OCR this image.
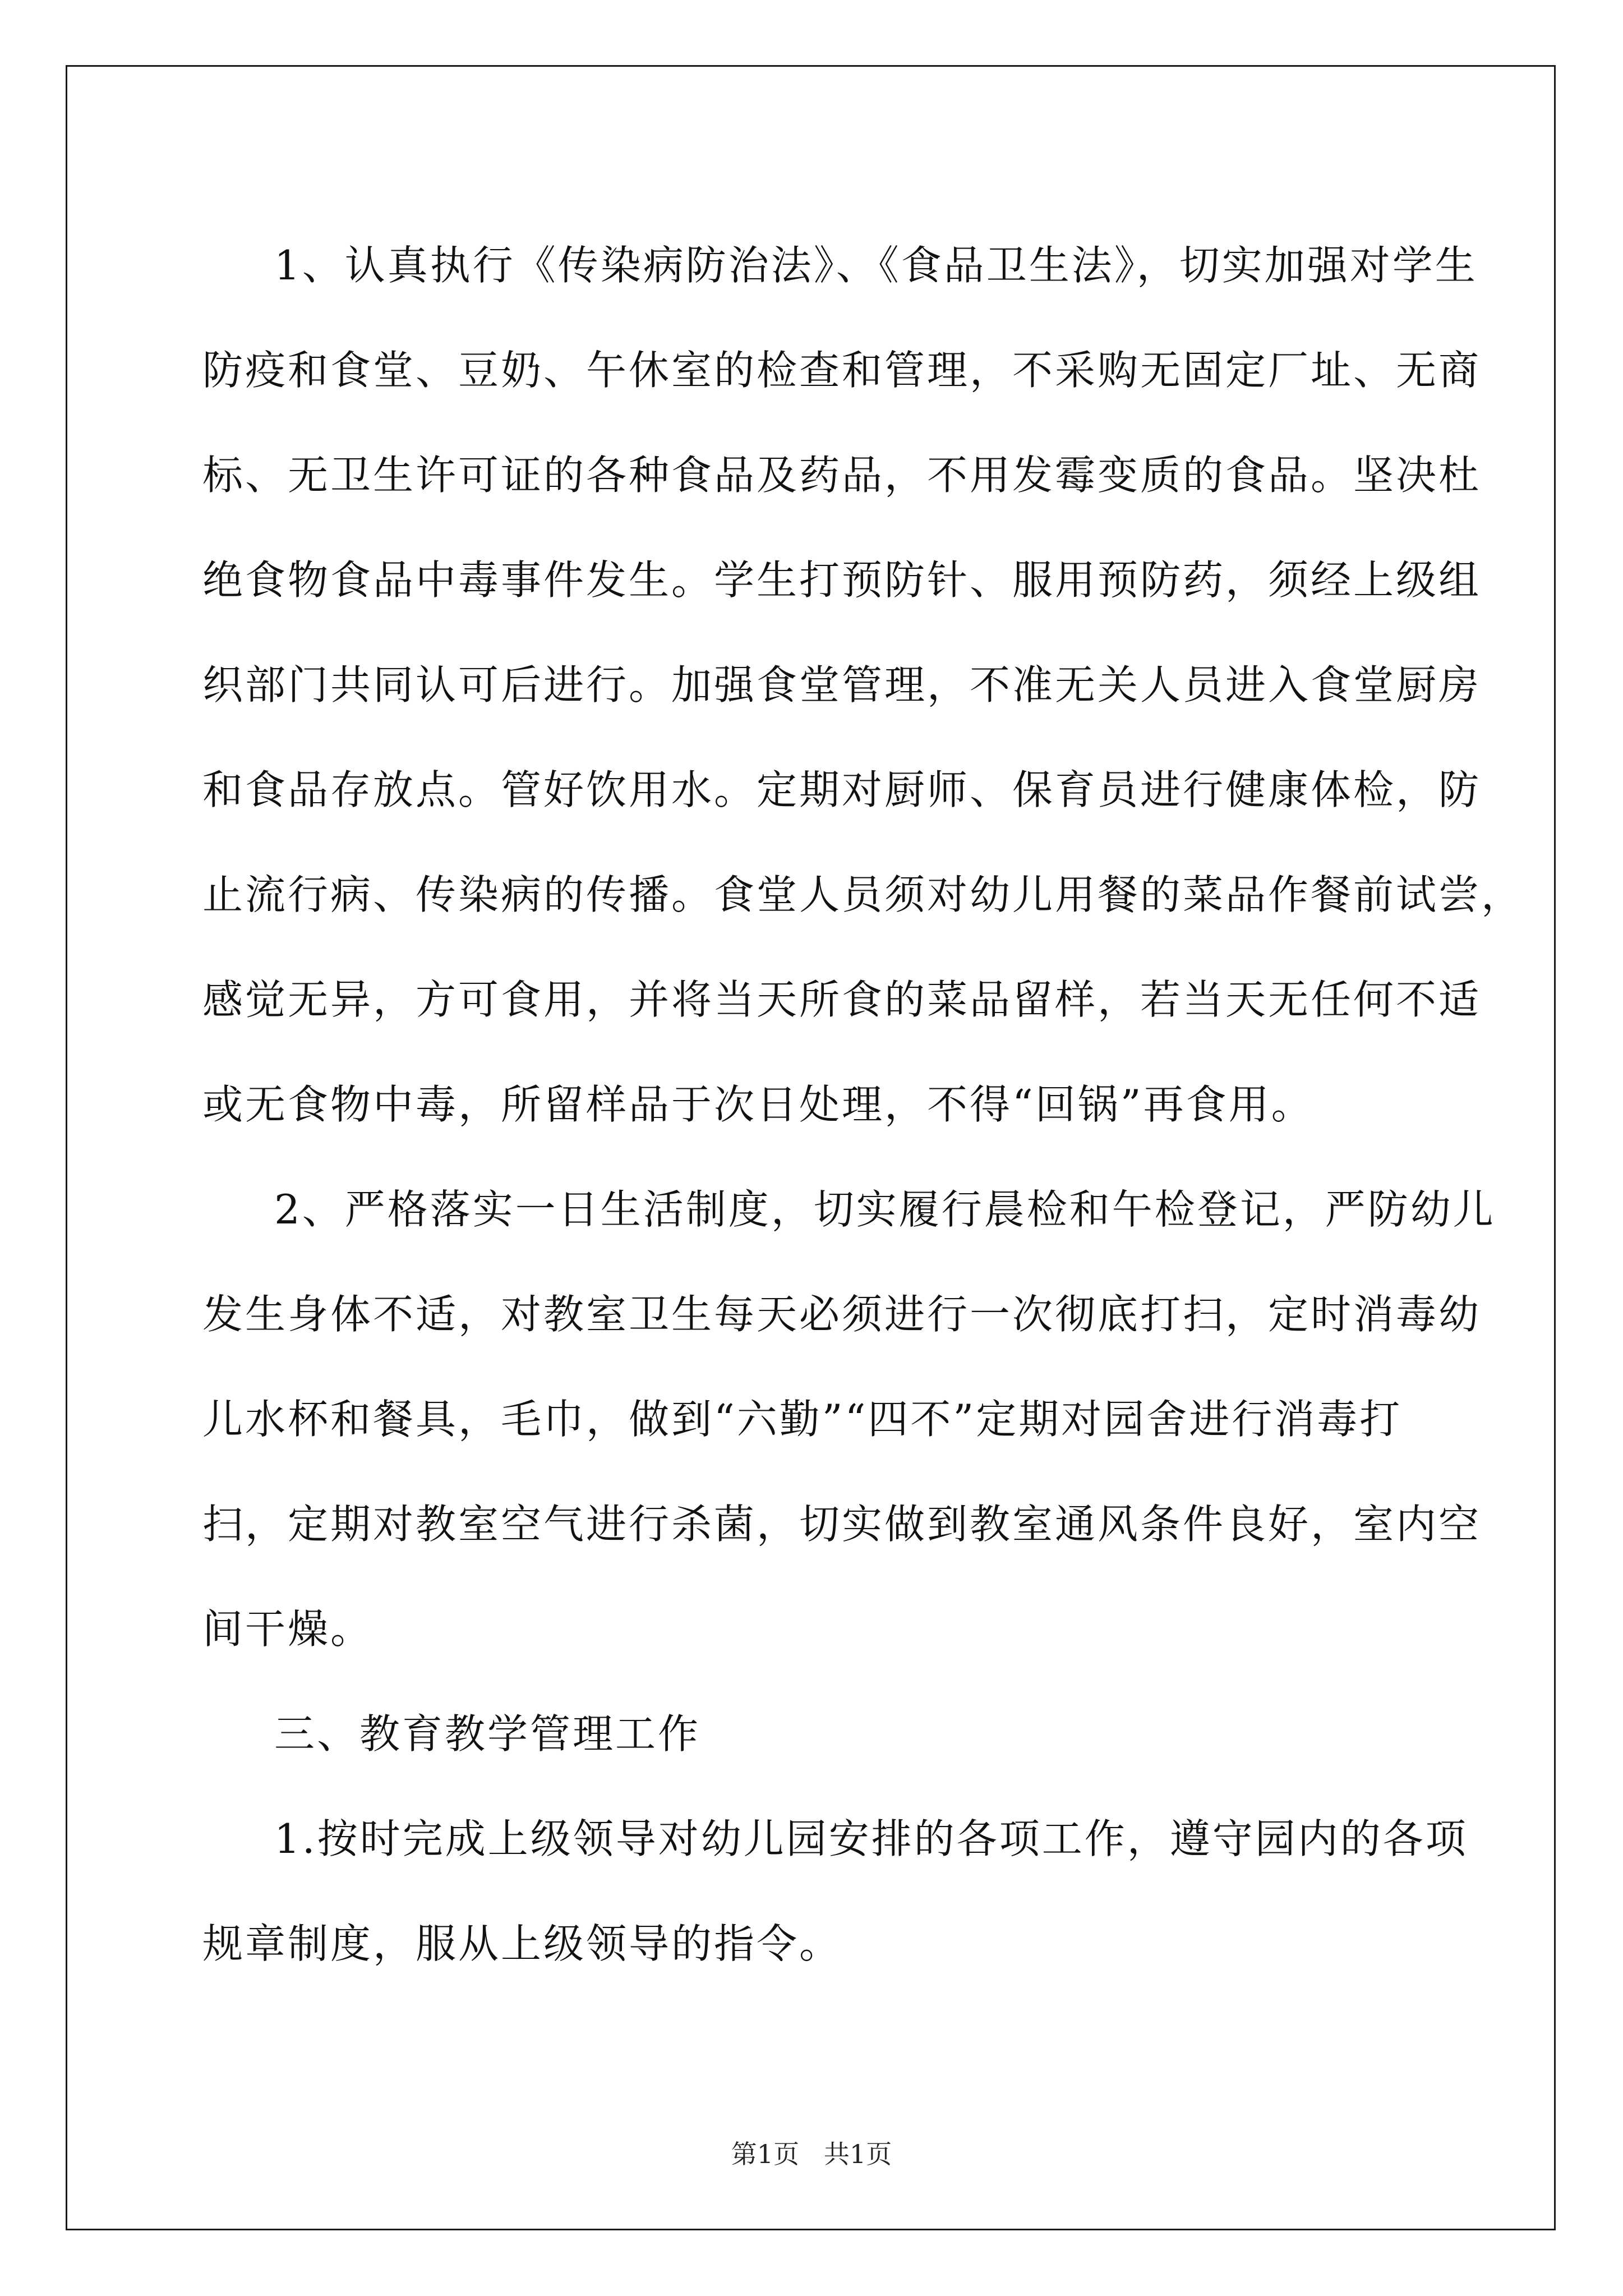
1、认真执行《传染病防治法》、《食品卫生法》，切实加强对学生
防疫和食堂、豆奶、午休室的检查和管理，不采购无固定厂址、无商
标、无卫生许可证的各种食品及药品，不用发霉变质的食品。坚决杜
绝食物食品中毒事件发生。学生打预防针、服用预防药，须经上级组
织部门共同认可后进行。加强食堂管理，不准无关人员进入食堂厨房
和食品存放点。管好饮用水。定期对厨师、保育员进行健康体检，防
止流行病、传染病的传播。食堂人员须对幼儿用餐的菜品作餐前试尝，
感觉无异，方可食用，并将当天所食的菜品留样，若当天无任何不适
或无食物中毒，所留样品于次日处理，不得“回锅”再食用。
2、严格落实一日生活制度，切实履行晨检和午检登记，严防幼儿
发生身体不适，对教室卫生每天必须进行一次彻底打扫，定时消毒幼
儿水杯和餐具，毛巾，做到“六勤”“四不”定期对园舍进行消毒打
扫，定期对教室空气进行杀菌，切实做到教室通风条件良好，室内空
间干燥。
三、教育教学管理工作
1.按时完成上级领导对幼儿园安排的各项工作，遵守园内的各项
规章制度，服从上级领导的指令。
第1页   共1页
